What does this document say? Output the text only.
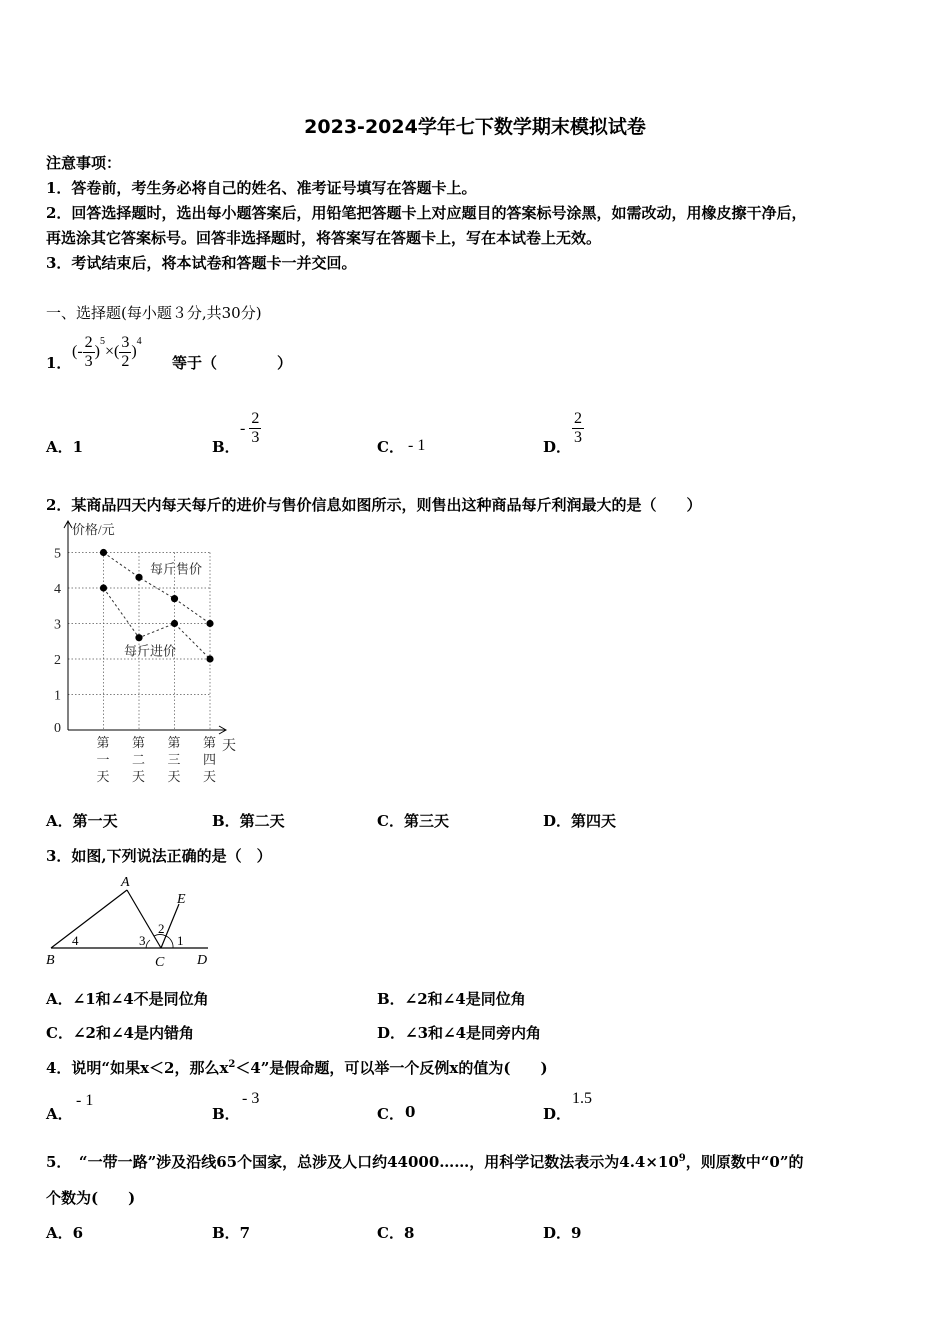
2023-2024学年七下数学期末模拟试卷
注意事项：
1．答卷前，考生务必将自己的姓名、准考证号填写在答题卡上。
2．回答选择题时，选出每小题答案后，用铅笔把答题卡上对应题目的答案标号涂黑，如需改动，用橡皮擦干净后，
再选涂其它答案标号。回答非选择题时，将答案写在答题卡上，写在本试卷上无效。
3．考试结束后，将本试卷和答题卡一并交回。
一、选择题(每小题３分,共30分)
1．
(- $\frac{2}{3}$ )
$^5$
×( $\frac{3}{2}$ )
$^4$
等于（　　　　）
A．1	B．
- $\frac{2}{3}$	C． - 1	D． $\frac{2}{3}$
2．某商品四天内每天每斤的进价与售价信息如图所示，则售出这种商品每斤利润最大的是（　　）
价格/元
天
0
1
2
3
4
5
第
一
天
第
二
天
第
三
天
第
四
天
每斤售价
每斤进价
A．第一天	B．第二天	C．第三天	D．第四天
3．如图,下列说法正确的是（　）
A
B	C D
E
1
2
3
4
A．∠1和∠4不是同位角	B．∠2和∠4是同位角
C．∠2和∠4是内错角	D．∠3和∠4是同旁内角
4．说明“如果x＜2，那么$x^2<4$”是假命题，可以举一个反例x的值为(　　)
A．
- 1
B．
- 3
C． 0	D．
1.5
5．　“一带一路”涉及沿线65个国家，总涉及人口约44000……，用科学记数法表示为$4.4\times 10^9$，则原数中“0”的
个数为(　　)
A．6	B．7	C．8	D．9
